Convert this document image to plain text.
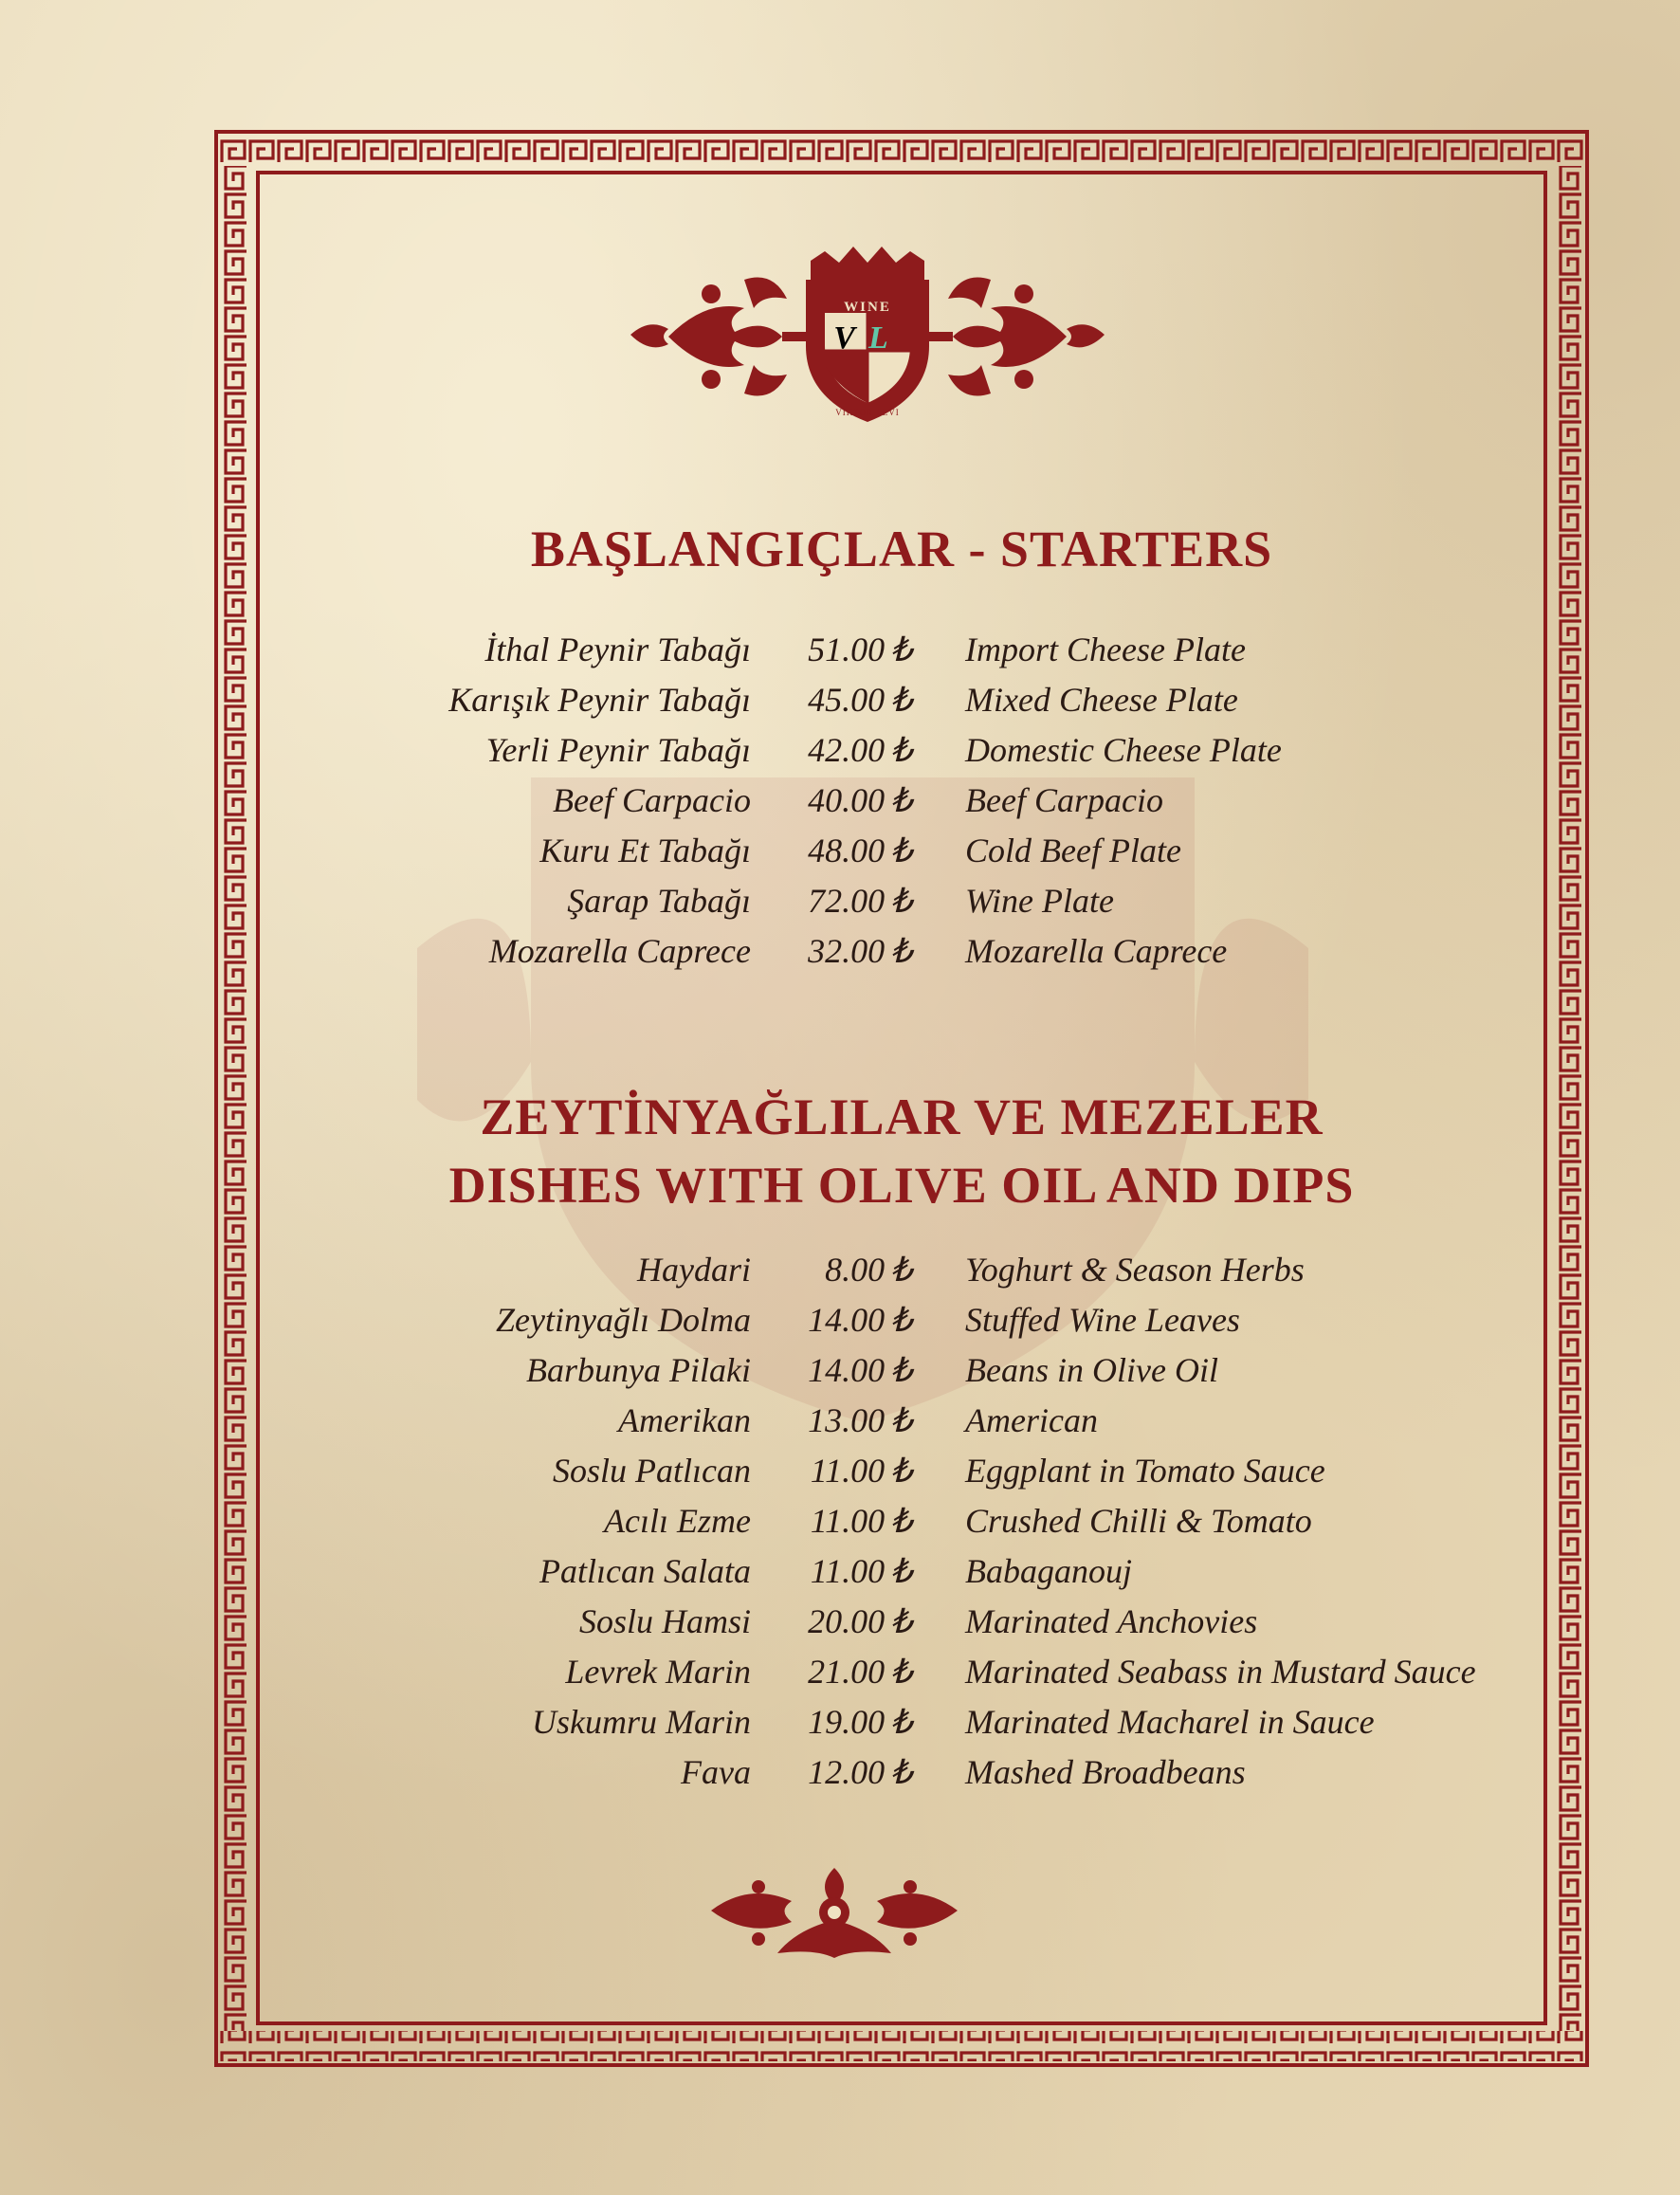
WINE
VL
VIKTOR LEVI
BAŞLANGIÇLAR - STARTERS
İthal Peynir Tabağı 51.00 ₺ Import Cheese Plate
Karışık Peynir Tabağı 45.00 ₺ Mixed Cheese Plate
Yerli Peynir Tabağı 42.00 ₺ Domestic Cheese Plate
Beef Carpacio 40.00 ₺ Beef Carpacio
Kuru Et Tabağı 48.00 ₺ Cold Beef Plate
Şarap Tabağı 72.00 ₺ Wine Plate
Mozarella Caprece 32.00 ₺ Mozarella Caprece
ZEYTİNYAĞLILAR VE MEZELER
DISHES WITH OLIVE OIL AND DIPS
Haydari 8.00 ₺ Yoghurt & Season Herbs
Zeytinyağlı Dolma 14.00 ₺ Stuffed Wine Leaves
Barbunya Pilaki 14.00 ₺ Beans in Olive Oil
Amerikan 13.00 ₺ American
Soslu Patlıcan 11.00 ₺ Eggplant in Tomato Sauce
Acılı Ezme 11.00 ₺ Crushed Chilli & Tomato
Patlıcan Salata 11.00 ₺ Babaganouj
Soslu Hamsi 20.00 ₺ Marinated Anchovies
Levrek Marin 21.00 ₺ Marinated Seabass in Mustard Sauce
Uskumru Marin 19.00 ₺ Marinated Macharel in Sauce
Fava 12.00 ₺ Mashed Broadbeans
